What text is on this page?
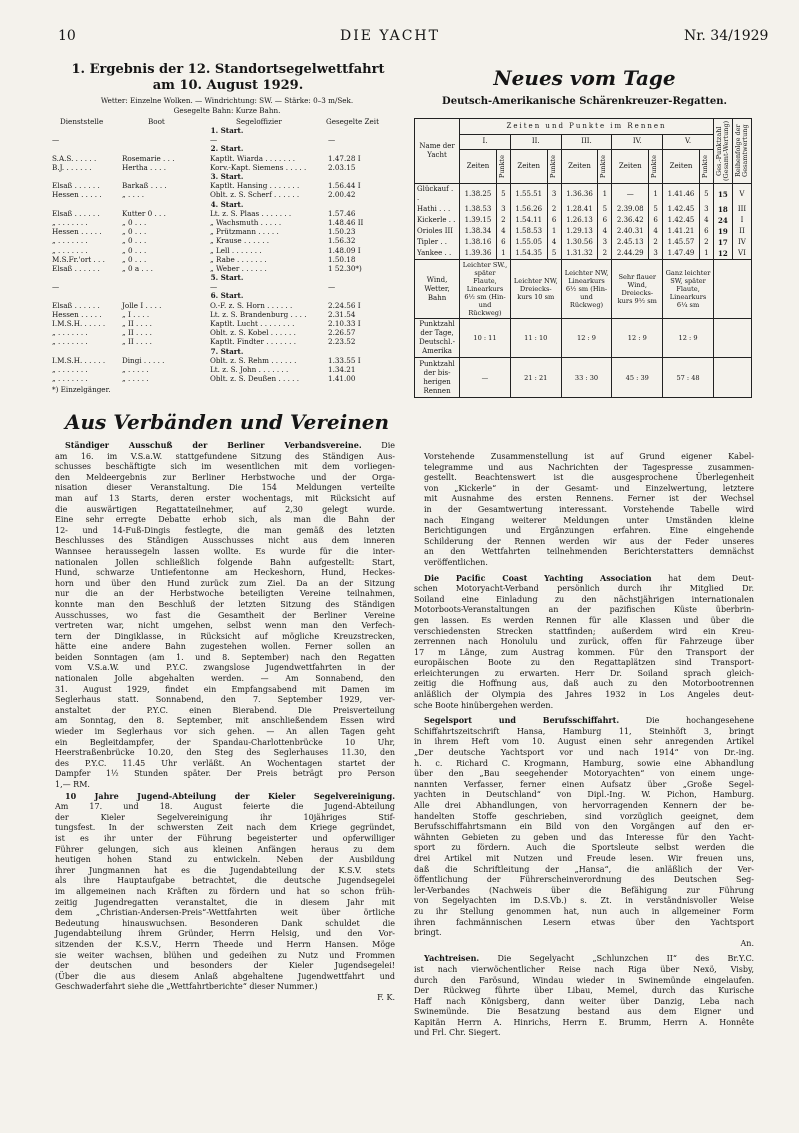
10	DIE YACHT	Nr. 34/1929
1. Ergebnis der 12. Standortsegelwettfahrt
am 10. August 1929.
Wetter: Einzelne Wolken. — Windrichtung: SW. — Stärke: 0–3 m/Sek.
Gesegelte Bahn: Kurze Bahn.
Dienststelle	Boot	Segeloffizier	Gesegelte Zeit
1. Start.
—	—	—
2. Start.
S.A.S. . . . . .	Rosemarie . . .	Kaptlt. Wiarda . . . . . . .	1.47.28 I
B.J. . . . . . .	Hertha . . . .	Korv.-Kapt. Siemens . . . . .	2.03.15
3. Start.
Elsaß . . . . . .	Barkaß . . . .	Kaptlt. Hansing . . . . . . .	1.56.44 I
Hessen . . . . .	„ . . . .	Oblt. z. S. Scherf . . . . . .	2.00.42
4. Start.
Elsaß . . . . . .	Kutter 0 . . .	Lt. z. S. Plaas . . . . . . .	1.57.46
„ . . . . . . .	„ 0 . . .	„ Wachsmuth . . . . .	1.48.46 II
Hessen . . . . .	„ 0 . . .	„ Prützmann . . . . .	1.50.23
„ . . . . . . .	„ 0 . . .	„ Krause . . . . . .	1.56.32
„ . . . . . . .	„ 0 . . .	„ Lell . . . . . . .	1.48.09 I
M.S.Fr.'ort . . . „ 0 . . .	„ Rabe . . . . . . .	1.50.18
Elsaß . . . . . .	„ 0 a . . .	„ Weber . . . . . .	1 52.30*)
5. Start.
—	—	—
6. Start.
Elsaß . . . . . .	Jolle I . . . .	O.-F. z. S. Horn . . . . . .	2.24.56 I
Hessen . . . . .	„ I . . . .	Lt. z. S. Brandenburg . . . .	2.31.54
I.M.S.H. . . . . . „ II . . . .	Kaptlt. Lucht . . . . . . . .	2.10.33 I
„ . . . . . . .	„ II . . . .	Oblt. z. S. Kobel . . . . . .	2.26.57
„ . . . . . . .	„ II . . . .	Kaptlt. Findter . . . . . . .	2.23.52
7. Start.
I.M.S.H. . . . . . Dingi . . . . .	Oblt. z. S. Rehm . . . . . .	1.33.55 I
„ . . . . . . .	„ . . . . .	Lt. z. S. John . . . . . . .	1.34.21
„ . . . . . . .	„ . . . . .	Oblt. z. S. Deußen . . . . .	1.41.00
*) Einzelgänger.
Aus Verbänden und Vereinen
Ständiger Ausschuß der Berliner Verbandsvereine. Die
am 16. im V.S.a.W. stattgefundene Sitzung des Ständigen Aus-
schusses beschäftigte sich im wesentlichen mit dem vorliegen-
den Meldeergebnis zur Berliner Herbstwoche und der Orga-
nisation dieser Veranstaltung. Die 154 Meldungen verteilte
man auf 13 Starts, deren erster wochentags, mit Rücksicht auf
die auswärtigen Regattateilnehmer, auf 2,30 gelegt wurde.
Eine sehr erregte Debatte erhob sich, als man die Bahn der
12- und 14-Fuß-Dingis festlegte, die man gemäß des letzten
Beschlusses des Ständigen Ausschusses nicht aus dem inneren
Wannsee heraussegeln lassen wollte. Es wurde für die inter-
nationalen Jollen schließlich folgende Bahn aufgestellt: Start,
Hund, schwarze Untiefentonne am Heckeshorn, Hund, Heckes-
horn und über den Hund zurück zum Ziel. Da an der Sitzung
nur die an der Herbstwoche beteiligten Vereine teilnahmen,
konnte man den Beschluß der letzten Sitzung des Ständigen
Ausschusses, wo fast die Gesamtheit der Berliner Vereine
vertreten war, nicht umgehen, selbst wenn man den Verfech-
tern der Dingiklasse, in Rücksicht auf mögliche Kreuzstrecken,
hätte eine andere Bahn zugestehen wollen. Ferner sollen an
beiden Sonntagen (am 1. und 8. September) nach den Regatten
vom V.S.a.W. und P.Y.C. zwangslose Jugendwettfahrten in der
nationalen Jolle abgehalten werden. — Am Sonnabend, den
31. August 1929, findet ein Empfangsabend mit Damen im
Seglerhaus statt. Sonnabend, den 7. September 1929, ver-
anstaltet der P.Y.C. einen Bierabend. Die Preisverteilung
am Sonntag, den 8. September, mit anschließendem Essen wird
wieder im Seglerhaus vor sich gehen. — An allen Tagen geht
ein Begleitdampfer, der Spandau-Charlottenbrücke 10 Uhr,
Heerstraßenbrücke 10.20, den Steg des Seglerhauses 11.30, den
des P.Y.C. 11.45 Uhr verläßt. An Wochentagen startet der
Dampfer 1½ Stunden später. Der Preis beträgt pro Person
1,— RM.
10 Jahre Jugend-Abteilung der Kieler Segelvereinigung.
Am 17. und 18. August feierte die Jugend-Abteilung
der Kieler Segelvereinigung ihr 10jähriges Stif-
tungsfest. In der schwersten Zeit nach dem Kriege gegründet,
ist es ihr unter der Führung begeisterter und opferwilliger
Führer gelungen, sich aus kleinen Anfängen heraus zu dem
heutigen hohen Stand zu entwickeln. Neben der Ausbildung
ihrer Jungmannen hat es die Jugendabteilung der K.S.V. stets
als ihre Hauptaufgabe betrachtet, die deutsche Jugendsegelei
im allgemeinen nach Kräften zu fördern und hat so schon früh-
zeitig Jugendregatten veranstaltet, die in diesem Jahr mit
dem „Christian-Andersen-Preis“-Wettfahrten weit über örtliche
Bedeutung hinauswuchsen. Besonderen Dank schuldet die
Jugendabteilung ihrem Gründer, Herrn Helsig, und den Vor-
sitzenden der K.S.V., Herrn Theede und Herrn Hansen. Möge
sie weiter wachsen, blühen und gedeihen zu Nutz und Frommen
der deutschen und besonders der Kieler Jugendsegelei!
(Über die aus diesem Anlaß abgehaltene Jugendwettfahrt und
Geschwaderfahrt siehe die „Wettfahrtberichte“ dieser Nummer.)
F. K.
Neues vom Tage
Deutsch-Amerikanische Schärenkreuzer-Regatten.
Name der Yacht	Zeiten und Punkte im Rennen										Ges.-Punktzahl (Gesamt-Wertung)	Reihenfolge der Gesamtwertung

	I.		II.		III.		IV.		V.			
	Zeiten	Punkte	Zeiten	Punkte	Zeiten	Punkte	Zeiten	Punkte	Zeiten	Punkte		

Glückauf . .	1.38.25	5	1.55.51	3	1.36.36	1	—	1	1.41.46	5	15	V
Hathi . . .	1.38.53	3	1.56.26	2	1.28.41	5	2.39.08	5	1.42.45	3	18	III
Kickerle . .	1.39.15	2	1.54.11	6	1.26.13	6	2.36.42	6	1.42.45	4	24	I
Orioles III	1.38.34	4	1.58.53	1	1.29.13	4	2.40.31	4	1.41.21	6	19	II
Tipler . .	1.38.16	6	1.55.05	4	1.30.56	3	2.45.13	2	1.45.57	2	17	IV
Yankee . .	1.39.36	1	1.54.35	5	1.31.32	2	2.44.29	3	1.47.49	1	12	VI
Wind, Wetter, Bahn	Leichter SW., später Flaute, Linearkurs 6½ sm (Hin- und Rückweg)		Leichter NW, Dreiecks-kurs 10 sm		Leichter NW, Linearkurs 6½ sm (Hin- und Rückweg)		Sehr flauer Wind, Dreiecks-kurs 9½ sm		Ganz leichter SW, später Flaute, Linearkurs 6¼ sm			
Punktzahl der Tage, Deutschl.-Amerika	10 : 11		11 : 10		12 : 9		12 : 9		12 : 9			
Punktzahl der bis-herigen Rennen	—		21 : 21		33 : 30		45 : 39		57 : 48			
Vorstehende Zusammenstellung ist auf Grund eigener Kabel-
telegramme und aus Nachrichten der Tagespresse zusammen-
gestellt. Beachtenswert ist die ausgesprochene Überlegenheit
von „Kickerle“ in der Gesamt- und Einzelwertung, letztere
mit Ausnahme des ersten Rennens. Ferner ist der Wechsel
in der Gesamtwertung interessant. Vorstehende Tabelle wird
nach Eingang weiterer Meldungen unter Umständen kleine
Berichtigungen und Ergänzungen erfahren. Eine eingehende
Schilderung der Rennen werden wir aus der Feder unseres
an den Wettfahrten teilnehmenden Berichterstatters demnächst
veröffentlichen.
Die Pacific Coast Yachting Association hat dem Deut-
schen Motoryacht-Verband persönlich durch ihr Mitglied Dr.
Soiland eine Einladung zu den nächstjährigen internationalen
Motorboots-Veranstaltungen an der pazifischen Küste überbrin-
gen lassen. Es werden Rennen für alle Klassen und über die
verschiedensten Strecken stattfinden; außerdem wird ein Kreu-
zerrennen nach Honolulu und zurück, offen für Fahrzeuge über
17 m Länge, zum Austrag kommen. Für den Transport der
europäischen Boote zu den Regattaplätzen sind Transport-
erleichterungen zu erwarten. Herr Dr. Soiland sprach gleich-
zeitig die Hoffnung aus, daß auch zu den Motorbootrennen
anläßlich der Olympia des Jahres 1932 in Los Angeles deut-
sche Boote hinübergehen werden.
Segelsport und Berufsschiffahrt.	Die hochangesehene
Schiffahrtszeitschrift Hansa, Hamburg 11, Steinhöft 3, bringt
in ihrem Heft vom 10. August einen sehr anregenden Artikel
„Der deutsche Yachtsport vor und nach 1914“ von Dr.-ing.
h. c. Richard C. Krogmann, Hamburg, sowie eine Abhandlung
über den „Bau seegehender Motoryachten“ von einem unge-
nannten Verfasser, ferner einen Aufsatz über „Große Segel-
yachten in Deutschland“ von Dipl.-Ing. W. Pichon, Hamburg.
Alle drei Abhandlungen, von hervorragenden Kennern der be-
handelten Stoffe geschrieben, sind vorzüglich geeignet, dem
Berufsschiffahrtsmann ein Bild von den Vorgängen auf den er-
wähnten Gebieten zu geben und das Interesse für den Yacht-
sport zu fördern. Auch die Sportsleute selbst werden die
drei Artikel mit Nutzen und Freude lesen. Wir freuen uns,
daß die Schriftleitung der „Hansa“, die anläßlich der Ver-
öffentlichung der Führerscheinverordnung des Deutschen Seg-
ler-Verbandes (Nachweis über die Befähigung zur Führung
von Segelyachten im D.S.Vb.) s. Zt. in verständnisvoller Weise
zu ihr Stellung genommen hat, nun auch in allgemeiner Form
ihren fachmännischen Lesern etwas über den Yachtsport
bringt.
An.
Yachtreisen. Die Segelyacht „Schlunzchen II“ des Br.Y.C.
ist nach vierwöchentlicher Reise nach Riga über Nexö, Visby,
durch den Farösund, Windau wieder in Swinemünde eingelaufen.
Der Rückweg führte über Libau, Memel, durch das Kurische
Haff nach Königsberg, dann weiter über Danzig, Leba nach
Swinemünde. Die Besatzung bestand aus dem Eigner und
Kapitän Herrn A. Hinrichs, Herrn E. Brumm, Herrn A. Honnête
und Frl. Chr. Siegert.
